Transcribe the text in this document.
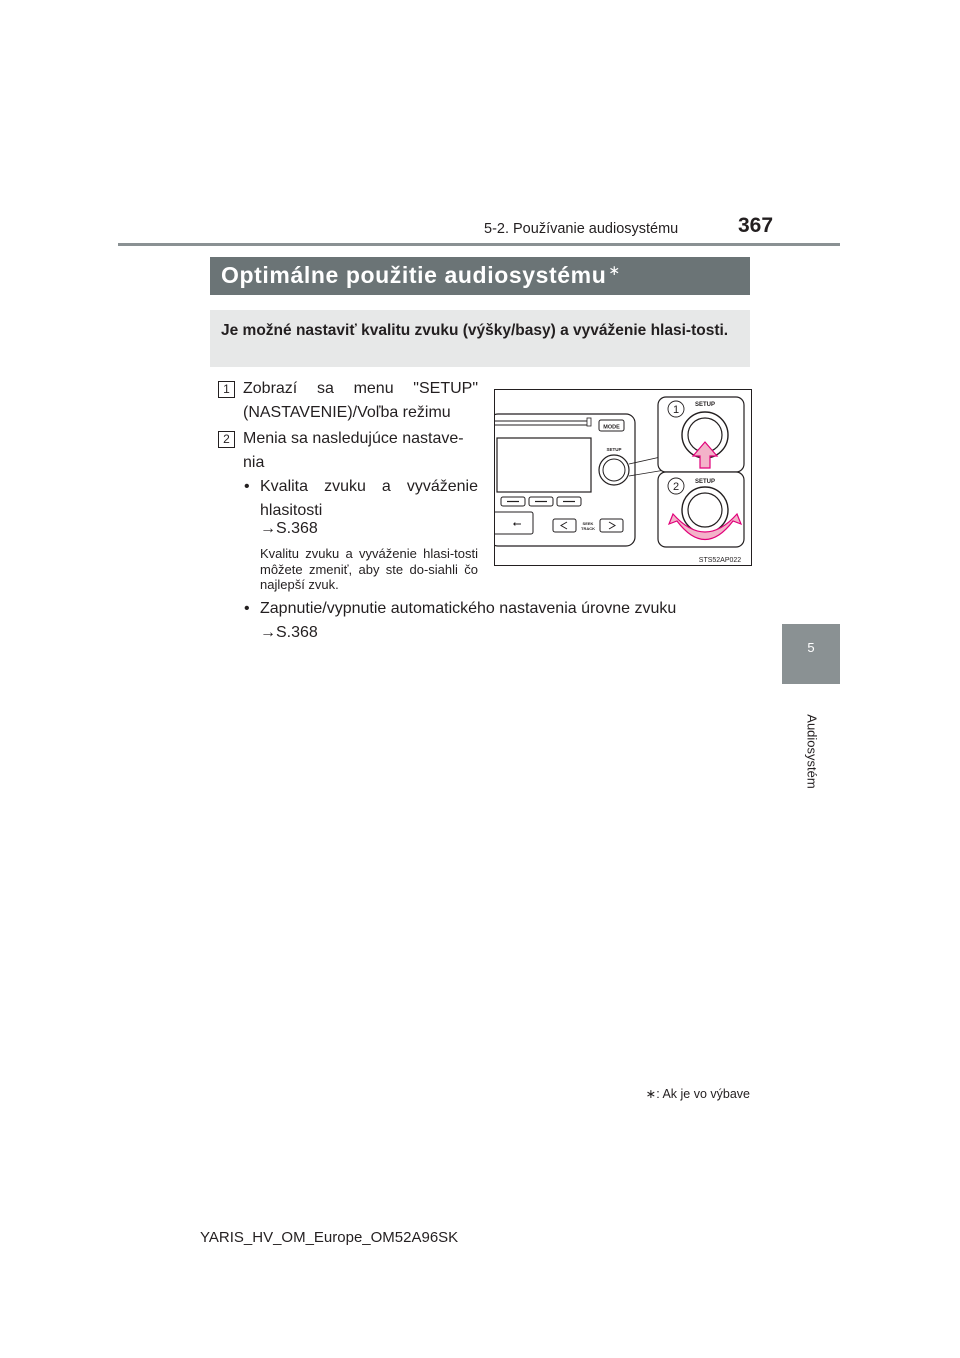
5-2. Používanie audiosystému	367
5
Audiosystém
Optimálne použitie audiosystému ∗
Je možné nastaviť kvalitu zvuku (výšky/basy) a vyváženie hlasi-tosti.
1 Zobrazí sa menu "SETUP" (NASTAVENIE)/Voľba režimu
2 Menia sa nasledujúce nastave-nia
• Kvalita zvuku a vyváženie hlasitosti
→S.368
Kvalitu zvuku a vyváženie hlasi-tosti môžete zmeniť, aby ste do-siahli čo najlepší zvuk.
• Zapnutie/vypnutie automatického nastavenia úrovne zvuku
→S.368
MODE
SETUP
⭠	SEEK
TRACK
1	SETUP
2	SETUP
STS52AP022
∗: Ak je vo výbave
YARIS_HV_OM_Europe_OM52A96SK
